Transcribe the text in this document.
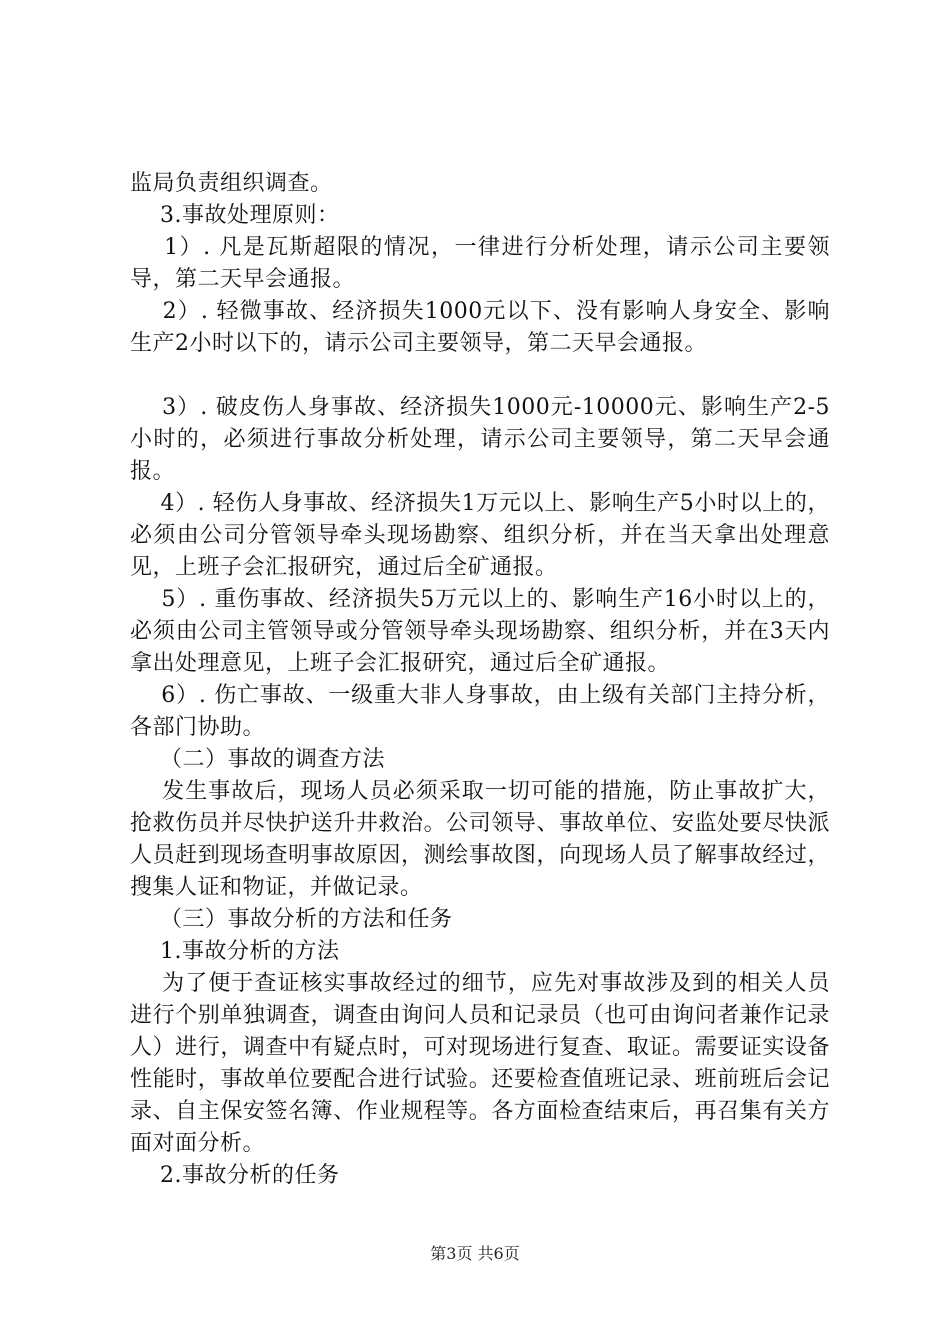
监局负责组织调查。

3.事故处理原则：

1）. 凡是瓦斯超限的情况，一律进行分析处理，请示公司主要领导，第二天早会通报。

2）. 轻微事故、经济损失1000元以下、没有影响人身安全、影响生产2小时以下的，请示公司主要领导，第二天早会通报。

3）. 破皮伤人身事故、经济损失1000元-10000元、影响生产2-5小时的，必须进行事故分析处理，请示公司主要领导，第二天早会通报。

4）. 轻伤人身事故、经济损失1万元以上、影响生产5小时以上的，必须由公司分管领导牵头现场勘察、组织分析，并在当天拿出处理意见，上班子会汇报研究，通过后全矿通报。

5）. 重伤事故、经济损失5万元以上的、影响生产16小时以上的，必须由公司主管领导或分管领导牵头现场勘察、组织分析，并在3天内拿出处理意见，上班子会汇报研究，通过后全矿通报。

6）. 伤亡事故、一级重大非人身事故，由上级有关部门主持分析，各部门协助。

（二）事故的调查方法

发生事故后，现场人员必须采取一切可能的措施，防止事故扩大，抢救伤员并尽快护送升井救治。公司领导、事故单位、安监处要尽快派人员赶到现场查明事故原因，测绘事故图，向现场人员了解事故经过，搜集人证和物证，并做记录。

（三）事故分析的方法和任务

1.事故分析的方法

为了便于查证核实事故经过的细节，应先对事故涉及到的相关人员进行个别单独调查，调查由询问人员和记录员（也可由询问者兼作记录人）进行，调查中有疑点时，可对现场进行复查、取证。需要证实设备性能时，事故单位要配合进行试验。还要检查值班记录、班前班后会记录、自主保安签名簿、作业规程等。各方面检查结束后，再召集有关方面对面分析。

2.事故分析的任务

第3页 共6页
